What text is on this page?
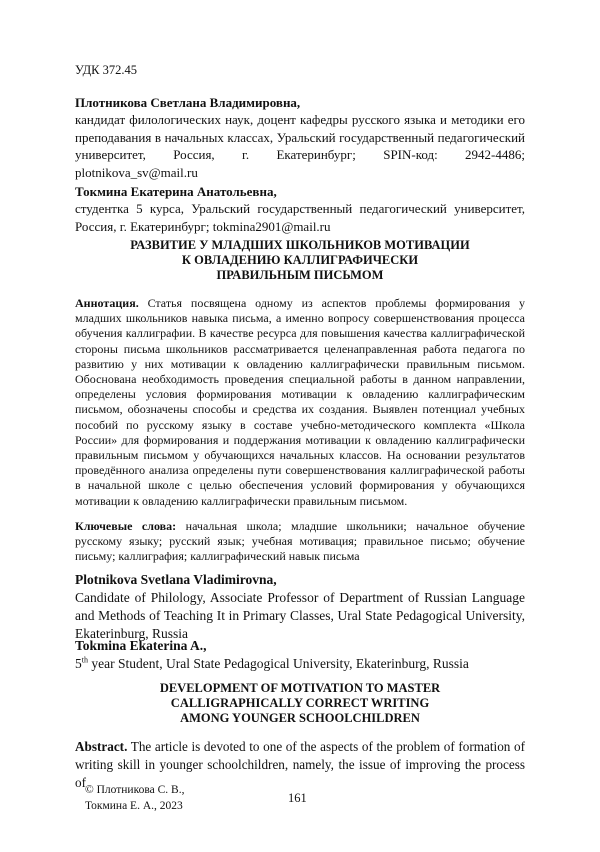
УДК 372.45
Плотникова Светлана Владимировна,
кандидат филологических наук, доцент кафедры русского языка и методики его преподавания в начальных классах, Уральский государственный педагогический университет, Россия, г. Екатеринбург; SPIN-код: 2942-4486; plotnikova_sv@mail.ru
Токмина Екатерина Анатольевна,
студентка 5 курса, Уральский государственный педагогический университет, Россия, г. Екатеринбург; tokmina2901@mail.ru
РАЗВИТИЕ У МЛАДШИХ ШКОЛЬНИКОВ МОТИВАЦИИ
К ОВЛАДЕНИЮ КАЛЛИГРАФИЧЕСКИ
ПРАВИЛЬНЫМ ПИСЬМОМ
Аннотация. Статья посвящена одному из аспектов проблемы формирования у младших школьников навыка письма, а именно вопросу совершенствования процесса обучения каллиграфии. В качестве ресурса для повышения качества каллиграфической стороны письма школьников рассматривается целенаправленная работа педагога по развитию у них мотивации к овладению каллиграфически правильным письмом. Обоснована необходимость проведения специальной работы в данном направлении, определены условия формирования мотивации к овладению каллиграфическим письмом, обозначены способы и средства их создания. Выявлен потенциал учебных пособий по русскому языку в составе учебно-методического комплекта «Школа России» для формирования и поддержания мотивации к овладению каллиграфически правильным письмом у обучающихся начальных классов. На основании результатов проведённого анализа определены пути совершенствования каллиграфической работы в начальной школе с целью обеспечения условий формирования у обучающихся мотивации к овладению каллиграфически правильным письмом.
Ключевые слова: начальная школа; младшие школьники; начальное обучение русскому языку; русский язык; учебная мотивация; правильное письмо; обучение письму; каллиграфия; каллиграфический навык письма
Plotnikova Svetlana Vladimirovna,
Candidate of Philology, Associate Professor of Department of Russian Language and Methods of Teaching It in Primary Classes, Ural State Pedagogical University, Ekaterinburg, Russia
Tokmina Ekaterina A.,
5th year Student, Ural State Pedagogical University, Ekaterinburg, Russia
DEVELOPMENT OF MOTIVATION TO MASTER
CALLIGRAPHICALLY CORRECT WRITING
AMONG YOUNGER SCHOOLCHILDREN
Abstract. The article is devoted to one of the aspects of the problem of formation of writing skill in younger schoolchildren, namely, the issue of improving the process of © Плотникова С. В.,
Токмина Е. А., 2023
161
